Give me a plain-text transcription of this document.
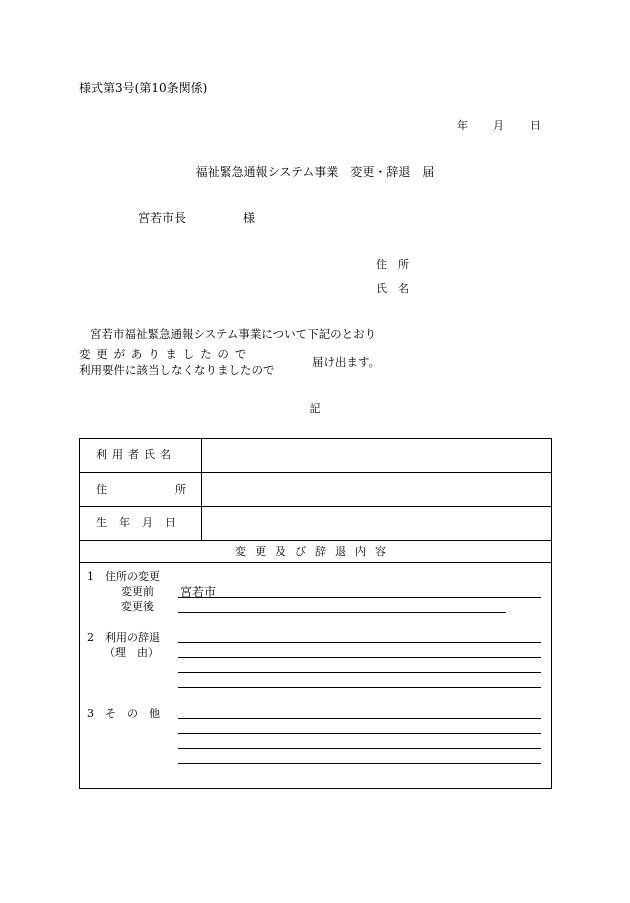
様式第3号(第10条関係)
年 月 日
福祉緊急通報システム事業　変更・辞退　届
宮若市長	様
住　所
氏　名
宮若市福祉緊急通報システム事業について下記のとおり
変更がありましたので
利用要件に該当しなくなりましたので
届け出ます。
記
利用者氏名
住	所
生年月日
変更及び辞退内容
1　住所の変更
変更前 宮若市
変更後
2　利用の辞退
（理　由）
3　そ　の　他
